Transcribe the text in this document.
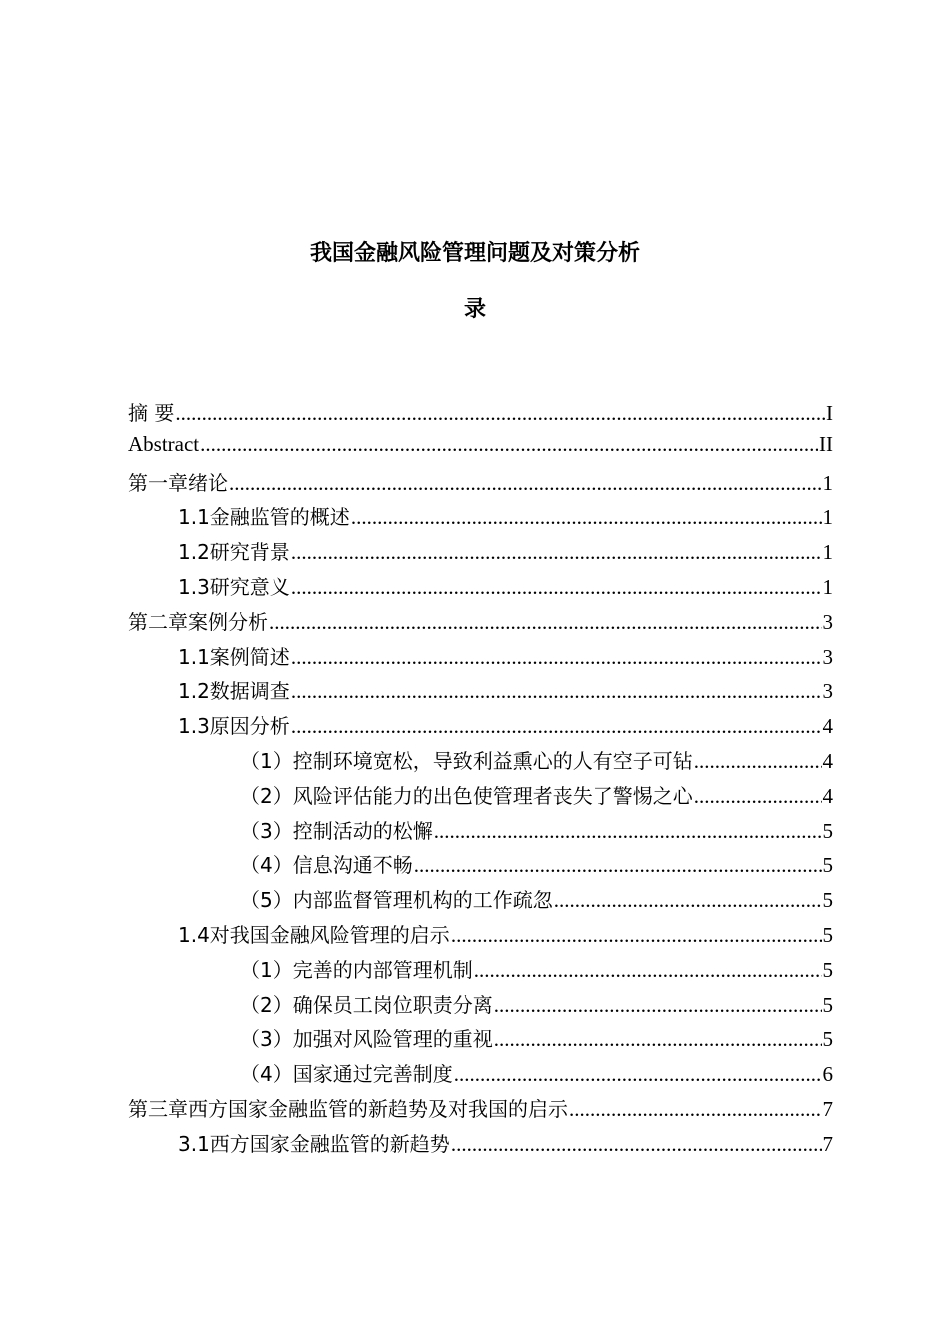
我国金融风险管理问题及对策分析
录
摘 要 .....	I
Abstract .....	II
第一章绪论 .....	1
1.1金融监管的概述 .....	1
1.2研究背景 .....	1
1.3研究意义 .....	1
第二章案例分析 .....	3
1.1案例简述 .....	3
1.2数据调查 .....	3
1.3原因分析 .....	4
（1）控制环境宽松，导致利益熏心的人有空子可钻 .....	4
（2）风险评估能力的出色使管理者丧失了警惕之心 .....	4
（3）控制活动的松懈 .....	5
（4）信息沟通不畅 .....	5
（5）内部监督管理机构的工作疏忽 .....	5
1.4对我国金融风险管理的启示 .....	5
（1）完善的内部管理机制 .....	5
（2）确保员工岗位职责分离 .....	5
（3）加强对风险管理的重视 .....	5
（4）国家通过完善制度 .....	6
第三章西方国家金融监管的新趋势及对我国的启示 .....	7
3.1西方国家金融监管的新趋势 .....	7
